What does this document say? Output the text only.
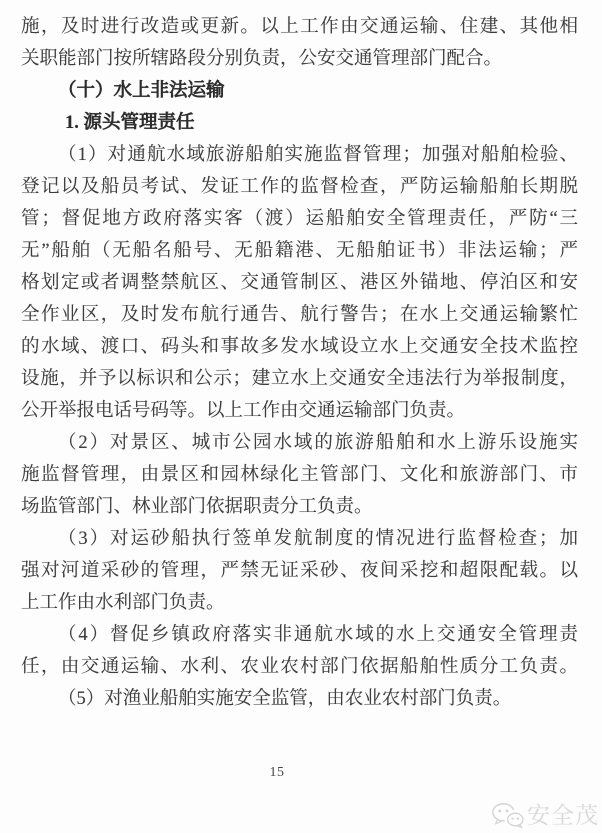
施，及时进行改造或更新。以上工作由交通运输、住建、其他相
关职能部门按所辖路段分别负责，公安交通管理部门配合。
（十）水上非法运输
1. 源头管理责任
（1）对通航水域旅游船舶实施监督管理；加强对船舶检验、
登记以及船员考试、发证工作的监督检查，严防运输船舶长期脱
管；督促地方政府落实客（渡）运船舶安全管理责任，严防“三
无”船舶（无船名船号、无船籍港、无船舶证书）非法运输；严
格划定或者调整禁航区、交通管制区、港区外锚地、停泊区和安
全作业区，及时发布航行通告、航行警告；在水上交通运输繁忙
的水域、渡口、码头和事故多发水域设立水上交通安全技术监控
设施，并予以标识和公示；建立水上交通安全违法行为举报制度，
公开举报电话号码等。以上工作由交通运输部门负责。
（2）对景区、城市公园水域的旅游船舶和水上游乐设施实
施监督管理，由景区和园林绿化主管部门、文化和旅游部门、市
场监管部门、林业部门依据职责分工负责。
（3）对运砂船执行签单发航制度的情况进行监督检查；加
强对河道采砂的管理，严禁无证采砂、夜间采挖和超限配载。以
上工作由水利部门负责。
（4）督促乡镇政府落实非通航水域的水上交通安全管理责
任，由交通运输、水利、农业农村部门依据船舶性质分工负责。
（5）对渔业船舶实施安全监管，由农业农村部门负责。
15
安全茂
